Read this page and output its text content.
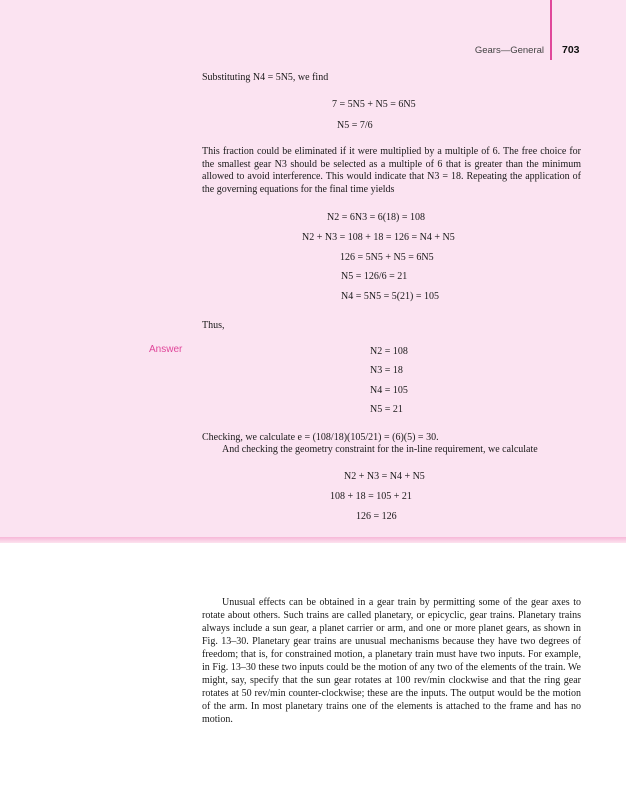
Gears—General 703
Substituting N4 = 5N5, we find
7 = 5N5 + N5 = 6N5
N5 = 7/6
This fraction could be eliminated if it were multiplied by a multiple of 6. The free choice for the smallest gear N3 should be selected as a multiple of 6 that is greater than the minimum allowed to avoid interference. This would indicate that N3 = 18. Repeating the application of the governing equations for the final time yields
N2 = 6N3 = 6(18) = 108
N2 + N3 = 108 + 18 = 126 = N4 + N5
126 = 5N5 + N5 = 6N5
N5 = 126/6 = 21
N4 = 5N5 = 5(21) = 105
Thus,
Answer	N2 = 108
N3 = 18
N4 = 105
N5 = 21
Checking, we calculate e = (108/18)(105/21) = (6)(5) = 30.
And checking the geometry constraint for the in-line requirement, we calculate
N2 + N3 = N4 + N5
108 + 18 = 105 + 21
126 = 126
Unusual effects can be obtained in a gear train by permitting some of the gear axes to rotate about others. Such trains are called planetary, or epicyclic, gear trains. Planetary trains always include a sun gear, a planet carrier or arm, and one or more planet gears, as shown in Fig. 13–30. Planetary gear trains are unusual mechanisms because they have two degrees of freedom; that is, for constrained motion, a planetary train must have two inputs. For example, in Fig. 13–30 these two inputs could be the motion of any two of the elements of the train. We might, say, specify that the sun gear rotates at 100 rev/min clockwise and that the ring gear rotates at 50 rev/min counter-clockwise; these are the inputs. The output would be the motion of the arm. In most planetary trains one of the elements is attached to the frame and has no motion.
